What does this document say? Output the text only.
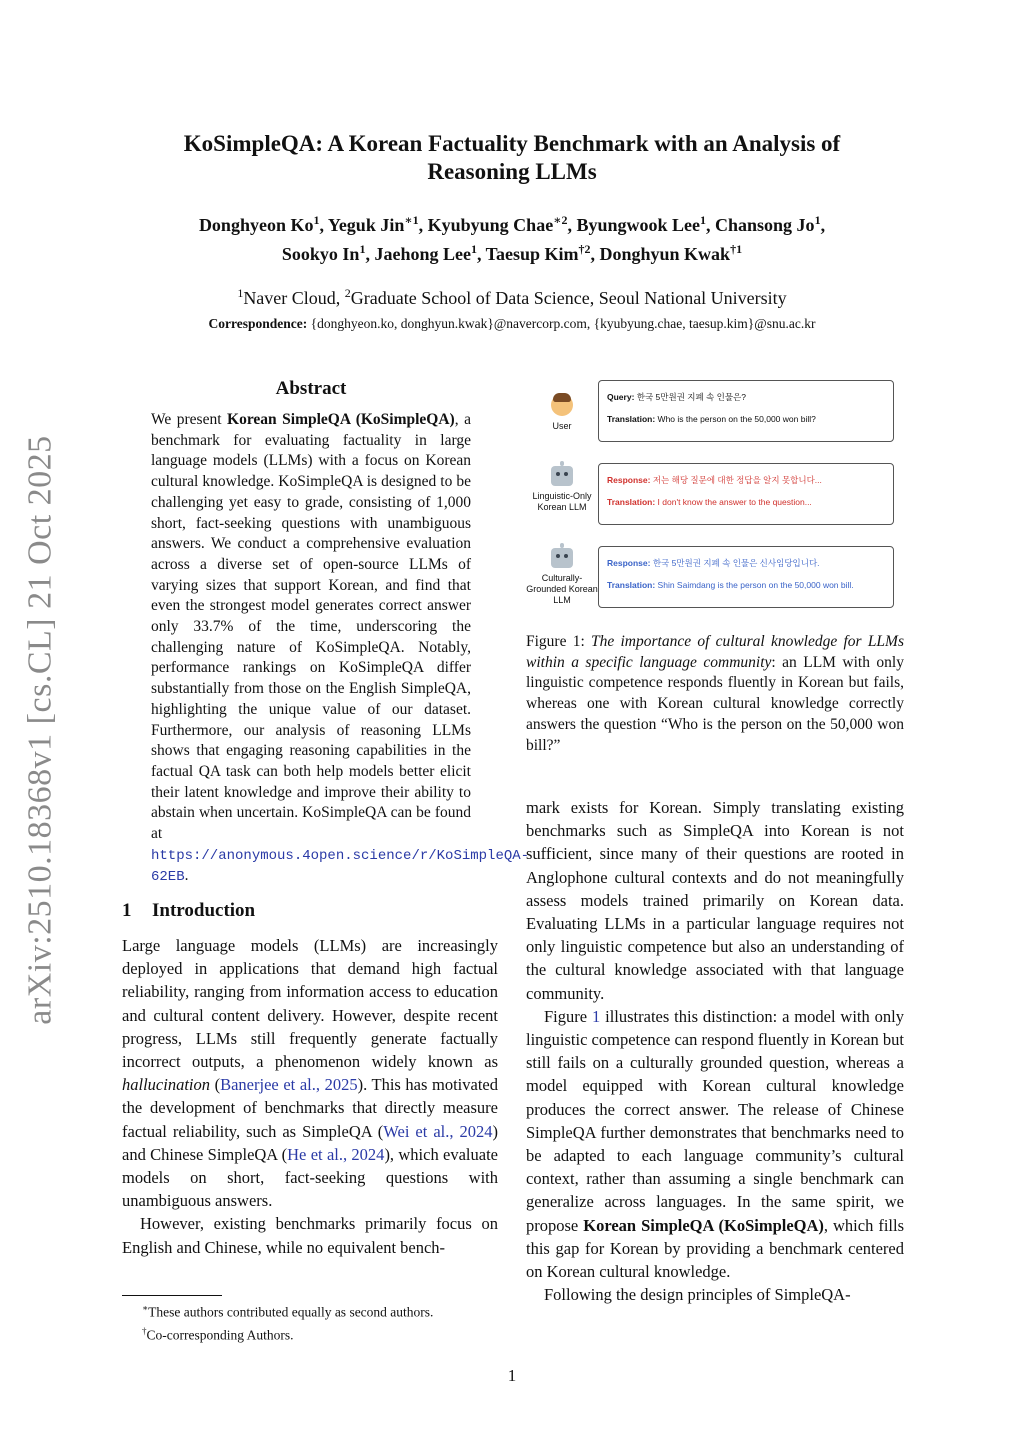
arXiv:2510.18368v1 [cs.CL] 21 Oct 2025
KoSimpleQA: A Korean Factuality Benchmark with an Analysis of
Reasoning LLMs
Donghyeon Ko$^1$, Yeguk Jin$^{∗1}$, Kyubyung Chae$^{∗2}$, Byungwook Lee$^1$, Chansong Jo$^1$,
Sookyo In$^1$, Jaehong Lee$^1$, Taesup Kim$^{\dagger 2}$, Donghyun Kwak$^{\dagger 1}$
$^1$Naver Cloud, $^2$Graduate School of Data Science, Seoul National University
Correspondence: {donghyeon.ko, donghyun.kwak}@navercorp.com, {kyubyung.chae, taesup.kim}@snu.ac.kr
Abstract
We present Korean SimpleQA (KoSimpleQA), a benchmark for evaluating factuality in large language models (LLMs) with a focus on Korean cultural knowledge. KoSimpleQA is designed to be challenging yet easy to grade, consisting of 1,000 short, fact-seeking questions with unambiguous answers. We conduct a comprehensive evaluation across a diverse set of open-source LLMs of varying sizes that support Korean, and find that even the strongest model generates correct answer only 33.7% of the time, underscoring the challenging nature of KoSimpleQA. Notably, performance rankings on KoSimpleQA differ substantially from those on the English SimpleQA, highlighting the unique value of our dataset. Furthermore, our analysis of reasoning LLMs shows that engaging reasoning capabilities in the factual QA task can both help models better elicit their latent knowledge and improve their ability to abstain when uncertain. KoSimpleQA can be found at https://anonymous.4open.science/r/KoSimpleQA-62EB.
1 Introduction

Large language models (LLMs) are increasingly deployed in applications that demand high factual reliability, ranging from information access to education and cultural content delivery. However, despite recent progress, LLMs still frequently generate factually incorrect outputs, a phenomenon widely known as hallucination (Banerjee et al., 2025). This has motivated the development of benchmarks that directly measure factual reliability, such as SimpleQA (Wei et al., 2024) and Chinese SimpleQA (He et al., 2024), which evaluate models on short, fact-seeking questions with unambiguous answers.

However, existing benchmarks primarily focus on English and Chinese, while no equivalent bench-

∗These authors contributed equally as second authors.
†Co-corresponding Authors.

User
Query: 한국 5만원권 지폐 속 인물은?
Translation: Who is the person on the 50,000 won bill?

Linguistic-Only Korean LLM
Response: 저는 해당 질문에 대한 정답을 알지 못합니다...
Translation: I don't know the answer to the question...

Culturally-Grounded Korean LLM
Response: 한국 5만원권 지폐 속 인물은 신사임당입니다.
Translation: Shin Saimdang is the person on the 50,000 won bill.
Figure 1: The importance of cultural knowledge for LLMs within a specific language community: an LLM with only linguistic competence responds fluently in Korean but fails, whereas one with Korean cultural knowledge correctly answers the question “Who is the person on the 50,000 won bill?”

mark exists for Korean. Simply translating existing benchmarks such as SimpleQA into Korean is not sufficient, since many of their questions are rooted in Anglophone cultural contexts and do not meaningfully assess models trained primarily on Korean data. Evaluating LLMs in a particular language requires not only linguistic competence but also an understanding of the cultural knowledge associated with that language community.

Figure 1 illustrates this distinction: a model with only linguistic competence can respond fluently in Korean but still fails on a culturally grounded question, whereas a model equipped with Korean cultural knowledge produces the correct answer. The release of Chinese SimpleQA further demonstrates that benchmarks need to be adapted to each language community’s cultural context, rather than assuming a single benchmark can generalize across languages. In the same spirit, we propose Korean SimpleQA (KoSimpleQA), which fills this gap for Korean by providing a benchmark centered on Korean cultural knowledge.

Following the design principles of SimpleQA-

1
